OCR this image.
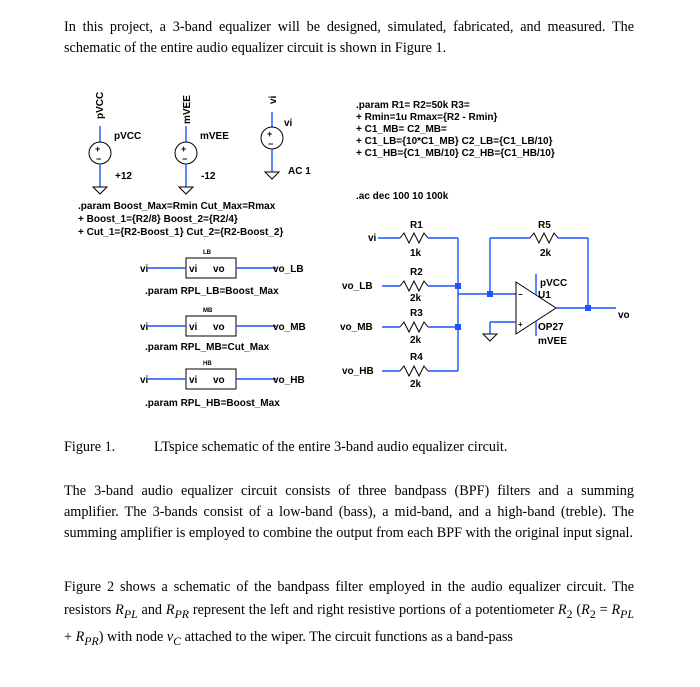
In this project, a 3-band equalizer will be designed, simulated, fabricated, and measured. The schematic of the entire audio equalizer circuit is shown in Figure 1.
pVCC	mVEE	vi
vi
+
−
pVCC
+12
+
−
mVEE
-12
+
−
AC 1
.param R1= R2=50k R3=
+ Rmin=1u Rmax={R2 - Rmin}
+ C1_MB= C2_MB=
+ C1_LB={10*C1_MB} C2_LB={C1_LB/10}
+ C1_HB={C1_MB/10} C2_HB={C1_HB/10}
.ac dec 100 10 100k
.param Boost_Max=Rmin Cut_Max=Rmax
+ Boost_1={R2/8} Boost_2={R2/4}
+ Cut_1={R2-Boost_1} Cut_2={R2-Boost_2}
LB
vi	vi vo	vo_LB
.param RPL_LB=Boost_Max
MB
vi	vi vo	vo_MB
.param RPL_MB=Cut_Max
HB
vi	vi vo	vo_HB
.param RPL_HB=Boost_Max
−
+
vi
vo_LB
vo_MB
vo_HB
R1
1k
R2
2k
R3
2k
R4
2k
R5
2k
pVCC
U1
OP27
mVEE
vo
Figure 1.	LTspice schematic of the entire 3-band audio equalizer circuit.
The 3-band audio equalizer circuit consists of three bandpass (BPF) filters and a summing amplifier. The 3-bands consist of a low-band (bass), a mid-band, and a high-band (treble). The summing amplifier is employed to combine the output from each BPF with the original input signal.
Figure 2 shows a schematic of the bandpass filter employed in the audio equalizer circuit. The resistors $R_{PL}$ and $R_{PR}$ represent the left and right resistive portions of a potentiometer $R_2$ $(R_2 = R_{PL} + R_{PR})$ with node $v_C$ attached to the wiper. The circuit functions as a band-pass
